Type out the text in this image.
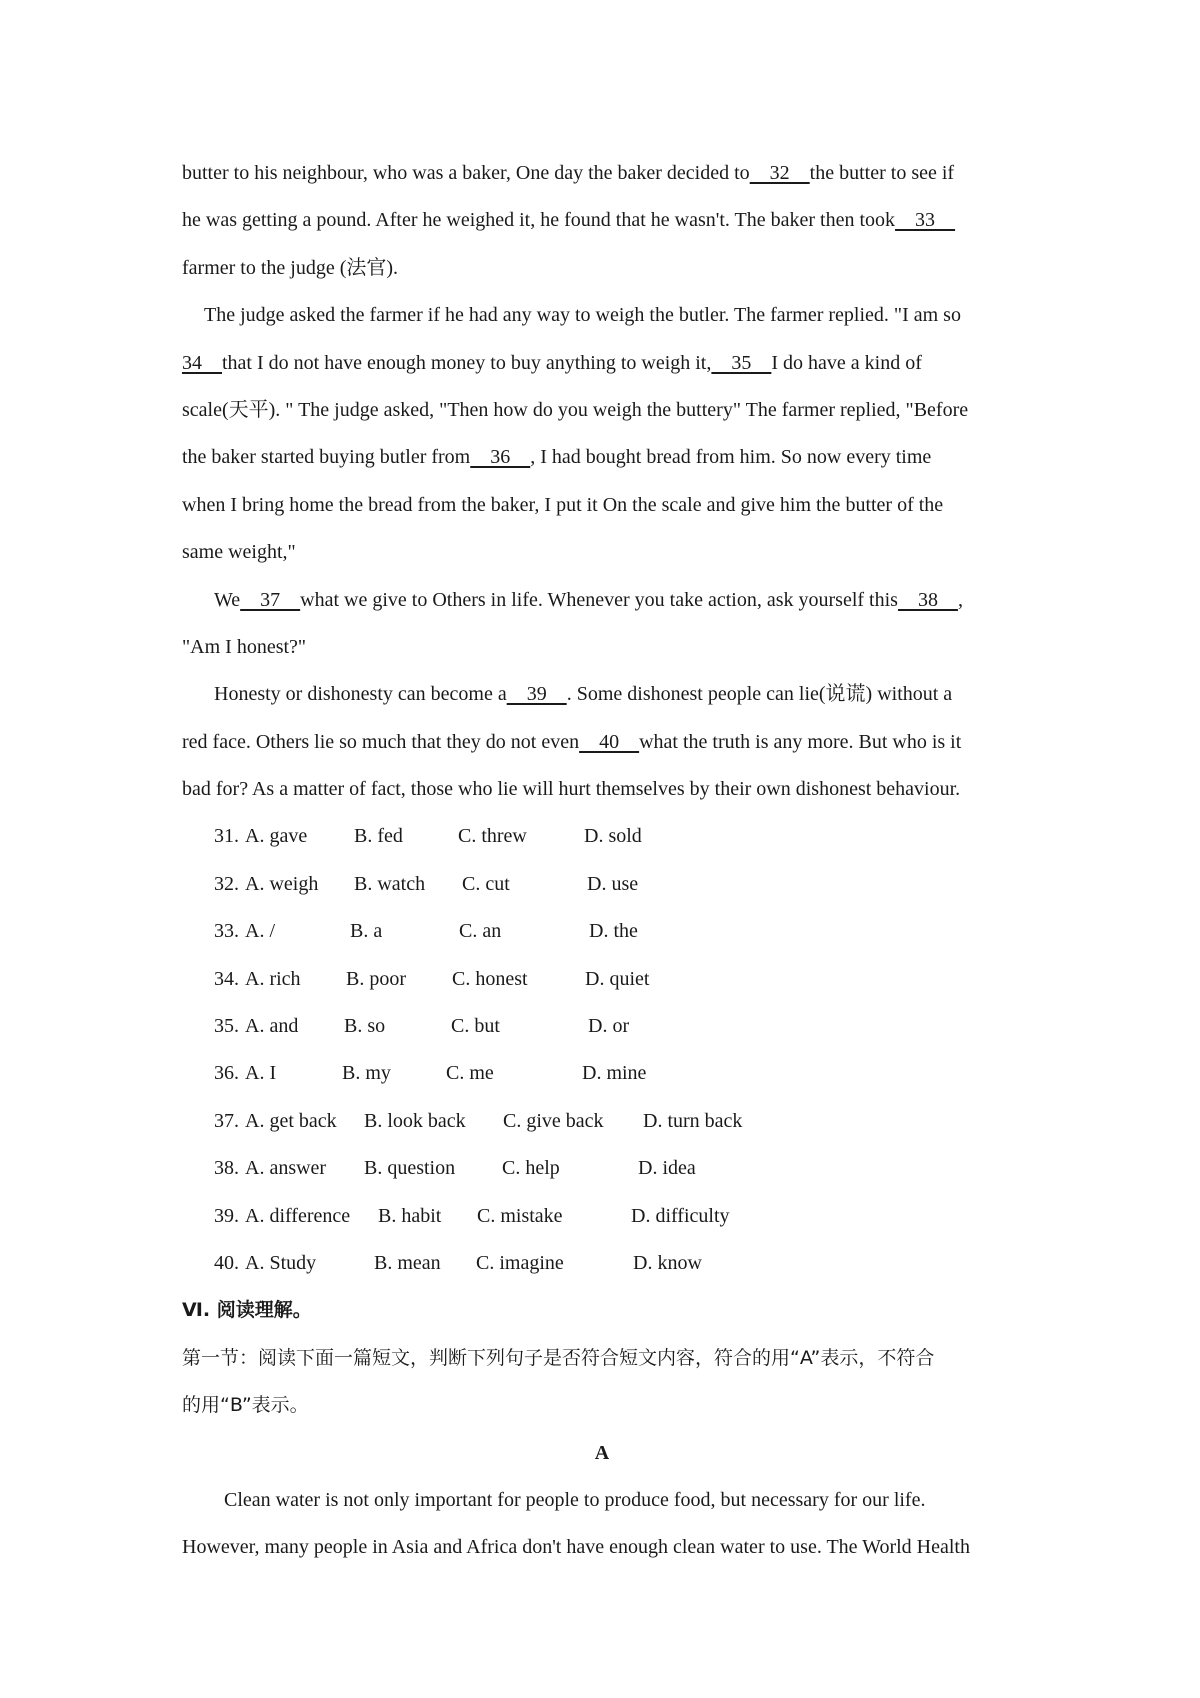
butter to his neighbour, who was a baker, One day the baker decided to    32    the butter to see if
he was getting a pound. After he weighed it, he found that he wasn't. The baker then took    33
farmer to the judge (法官).
The judge asked the farmer if he had any way to weigh the butler. The farmer replied. "I am so
34    that I do not have enough money to buy anything to weigh it,    35    I do have a kind of
scale(天平). " The judge asked, "Then how do you weigh the buttery" The farmer replied, "Before
the baker started buying butler from    36    , I had bought bread from him. So now every time
when I bring home the bread from the baker, I put it On the scale and give him the butter of the
same weight,"
We    37    what we give to Others in life. Whenever you take action, ask yourself this    38    ,
"Am I honest?"
Honesty or dishonesty can become a    39    . Some dishonest people can lie(说谎) without a
red face. Others lie so much that they do not even    40    what the truth is any more. But who is it
bad for? As a matter of fact, those who lie will hurt themselves by their own dishonest behaviour.
31. A. gave B. fed	C. threw	D. sold
32. A. weigh B. watch C. cut	D. use
33. A. /	B. a	C. an	D. the
34. A. rich B. poor C. honest	D. quiet
35. A. and B. so	C. but	D. or
36. A. I	B. my	C. me	D. mine
37. A. get back B. look back C. give back D. turn back
38. A. answer B. question C. help	D. idea
39. A. difference B. habit C. mistake	D. difficulty
40. A. Study	B. mean C. imagine	D. know
Ⅵ. 阅读理解。
第一节：阅读下面一篇短文，判断下列句子是否符合短文内容，符合的用“A”表示，不符合
的用“B”表示。
A
Clean water is not only important for people to produce food, but necessary for our life.
However, many people in Asia and Africa don't have enough clean water to use. The World Health
